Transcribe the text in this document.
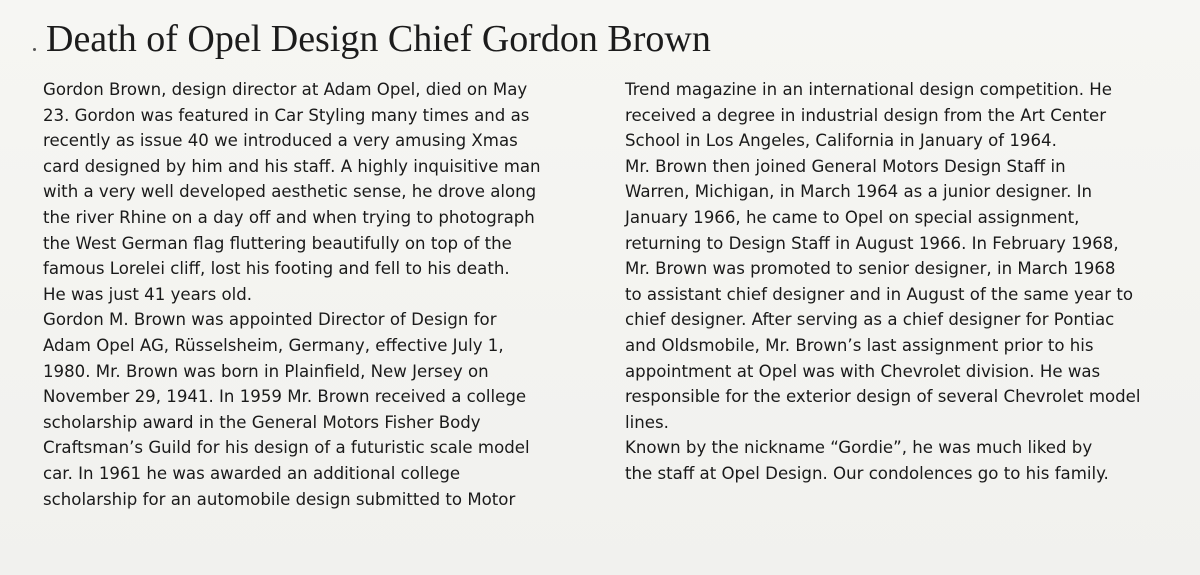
Death of Opel Design Chief Gordon Brown
Gordon Brown, design director at Adam Opel, died on May
23. Gordon was featured in Car Styling many times and as
recently as issue 40 we introduced a very amusing Xmas
card designed by him and his staff. A highly inquisitive man
with a very well developed aesthetic sense, he drove along
the river Rhine on a day off and when trying to photograph
the West German flag fluttering beautifully on top of the
famous Lorelei cliff, lost his footing and fell to his death.
He was just 41 years old.
Gordon M. Brown was appointed Director of Design for
Adam Opel AG, Rüsselsheim, Germany, effective July 1,
1980. Mr. Brown was born in Plainfield, New Jersey on
November 29, 1941. In 1959 Mr. Brown received a college
scholarship award in the General Motors Fisher Body
Craftsman’s Guild for his design of a futuristic scale model
car. In 1961 he was awarded an additional college
scholarship for an automobile design submitted to Motor
Trend magazine in an international design competition. He
received a degree in industrial design from the Art Center
School in Los Angeles, California in January of 1964.
Mr. Brown then joined General Motors Design Staff in
Warren, Michigan, in March 1964 as a junior designer. In
January 1966, he came to Opel on special assignment,
returning to Design Staff in August 1966. In February 1968,
Mr. Brown was promoted to senior designer, in March 1968
to assistant chief designer and in August of the same year to
chief designer. After serving as a chief designer for Pontiac
and Oldsmobile, Mr. Brown’s last assignment prior to his
appointment at Opel was with Chevrolet division. He was
responsible for the exterior design of several Chevrolet model
lines.
Known by the nickname “Gordie”, he was much liked by
the staff at Opel Design. Our condolences go to his family.
